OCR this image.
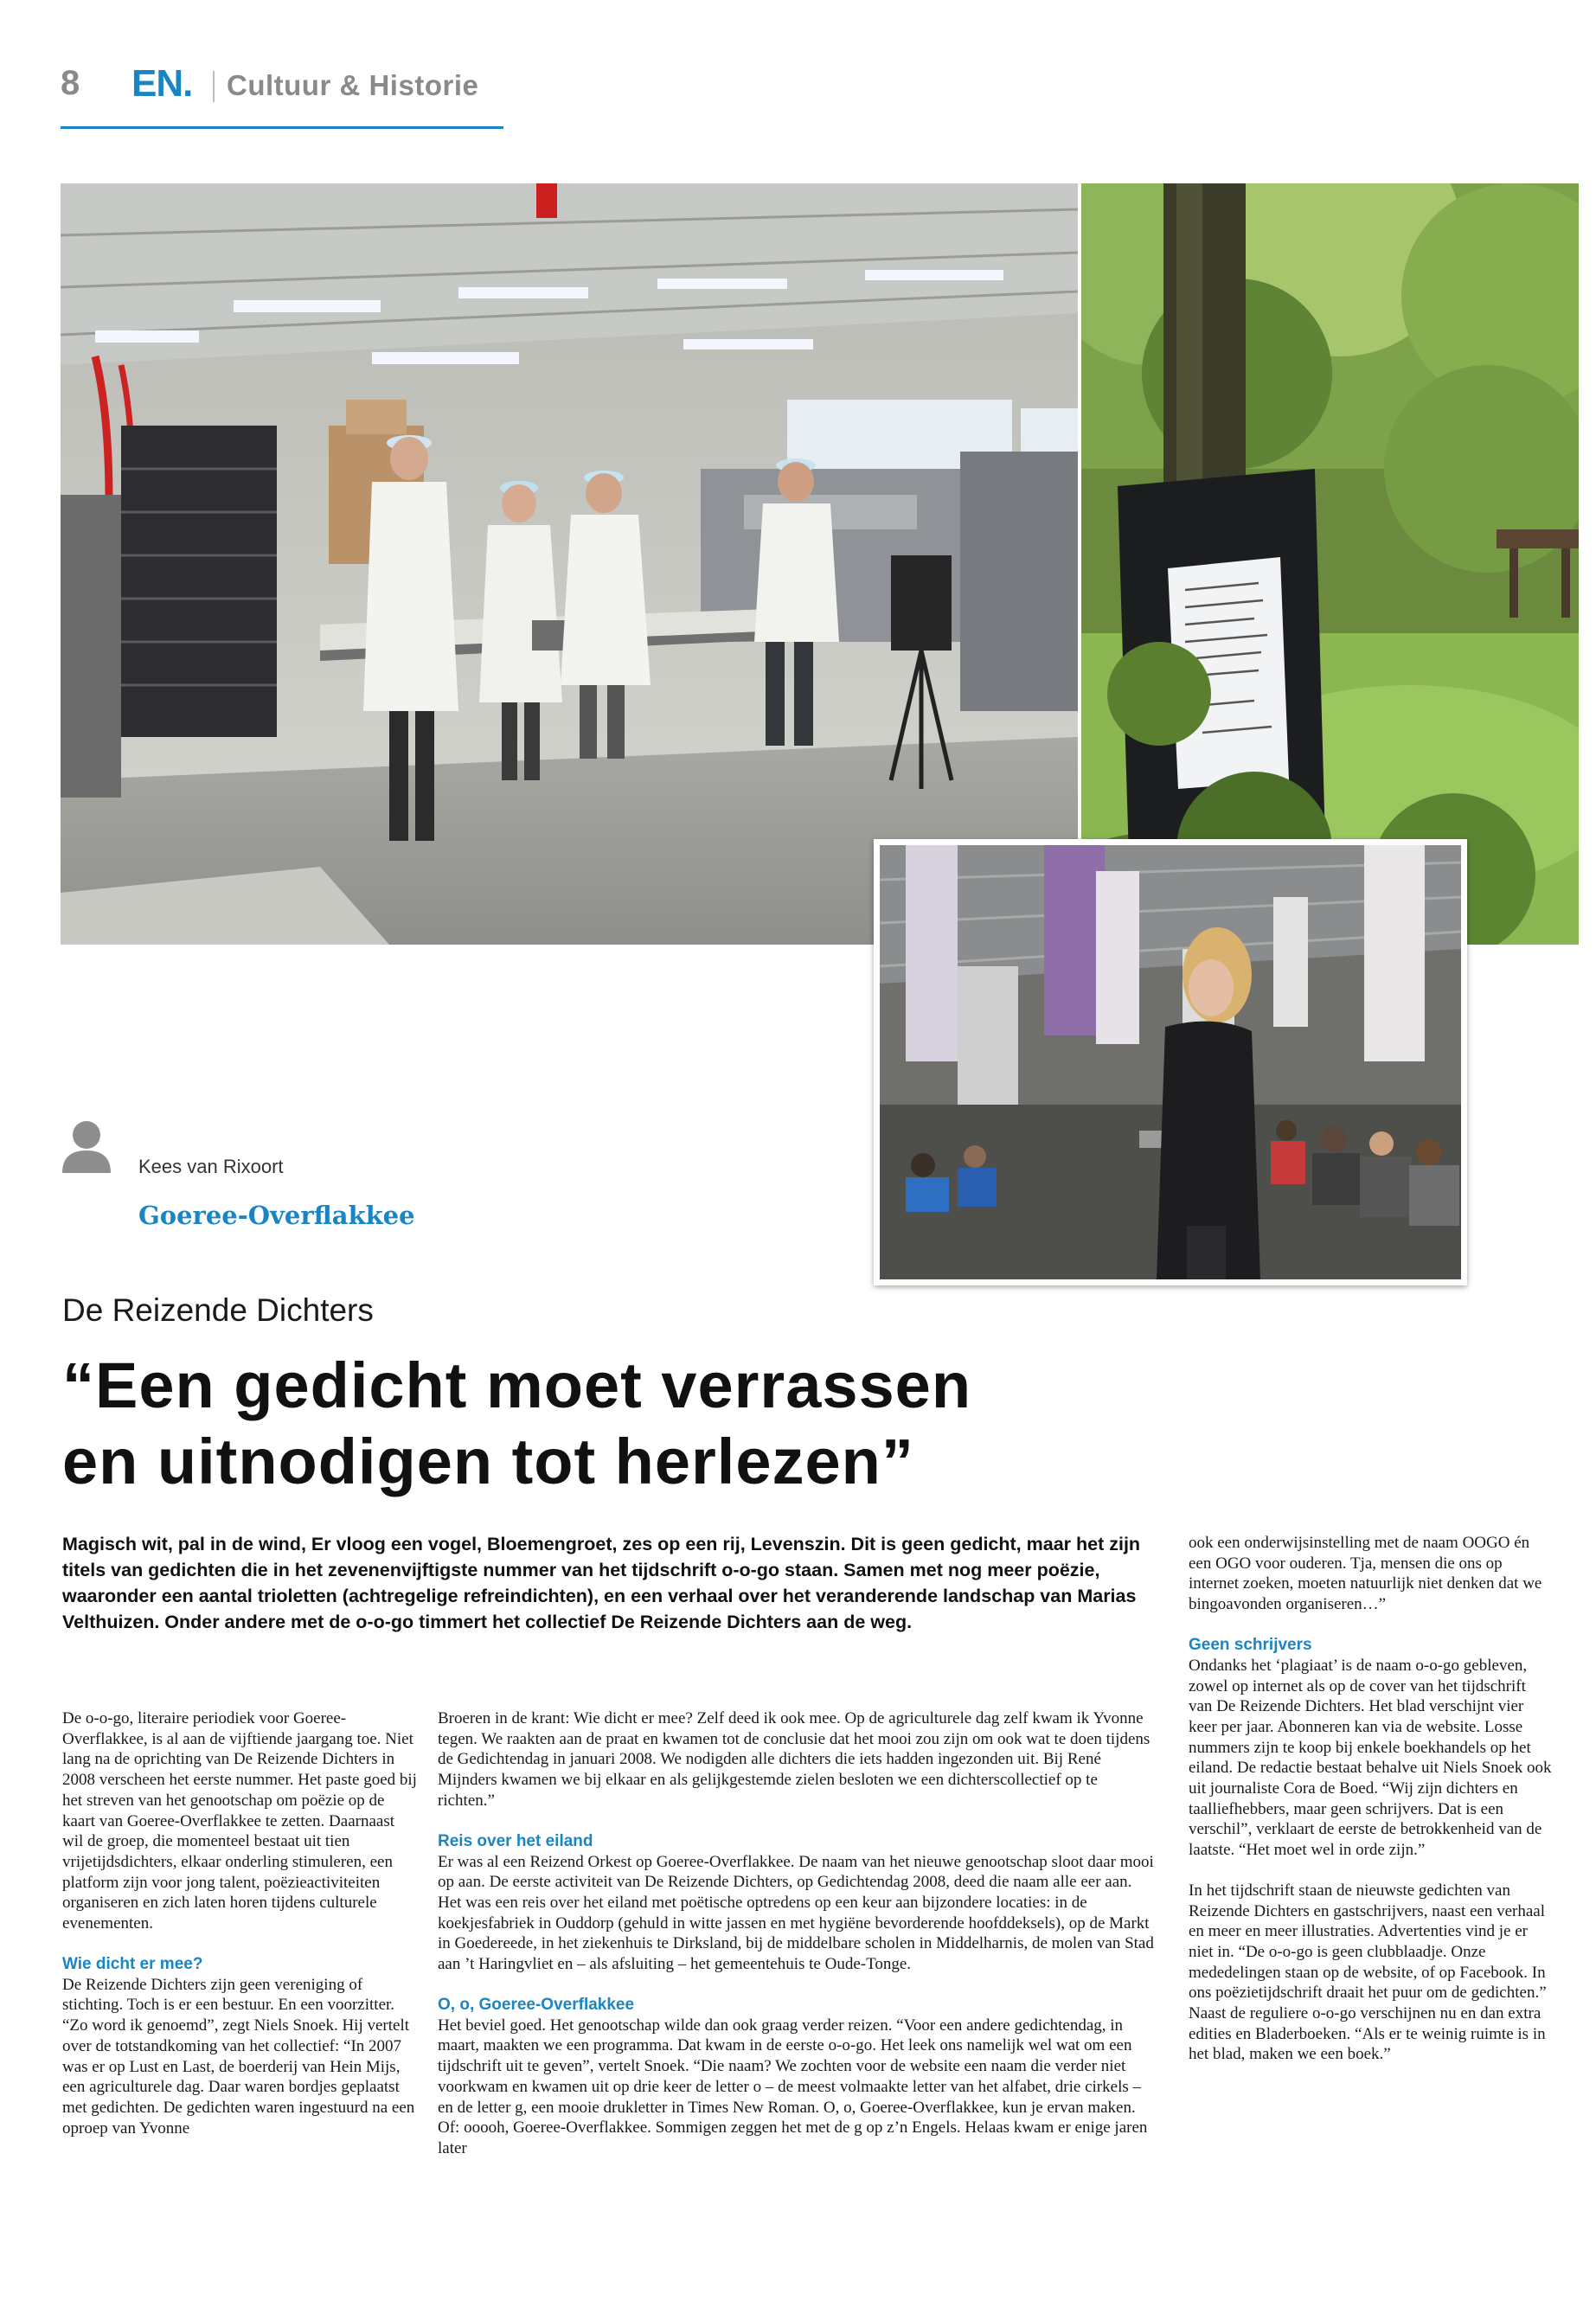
8 EN. Cultuur & Historie
Kees van Rixoort
Goeree-Overflakkee
De Reizende Dichters
“Een gedicht moet verrassen
en uitnodigen tot herlezen”
Magisch wit, pal in de wind, Er vloog een vogel, Bloemengroet, zes op een rij, Levenszin. Dit is geen gedicht, maar het zijn titels van gedichten die in het zevenenvijftigste nummer van het tijdschrift o-o-go staan. Samen met nog meer poëzie, waaronder een aantal trioletten (achtregelige refreindichten), en een verhaal over het veranderende landschap van Marias Velthuizen. Onder andere met de o-o-go timmert het collectief De Reizende Dichters aan de weg.

De o-o-go, literaire periodiek voor Goeree-Overflakkee, is al aan de vijftiende jaargang toe. Niet lang na de oprichting van De Reizende Dichters in 2008 verscheen het eerste nummer. Het paste goed bij het streven van het genootschap om poëzie op de kaart van Goeree-Overflakkee te zetten. Daarnaast wil de groep, die momenteel bestaat uit tien vrijetijdsdichters, elkaar onderling stimuleren, een platform zijn voor jong talent, poëzieactiviteiten organiseren en zich laten horen tijdens culturele evenementen.

Wie dicht er mee?

De Reizende Dichters zijn geen vereniging of stichting. Toch is er een bestuur. En een voorzitter. “Zo word ik genoemd”, zegt Niels Snoek. Hij vertelt over de totstandkoming van het collectief: “In 2007 was er op Lust en Last, de boerderij van Hein Mijs, een agriculturele dag. Daar waren bordjes geplaatst met gedichten. De gedichten waren ingestuurd na een oproep van Yvonne

Broeren in de krant: Wie dicht er mee? Zelf deed ik ook mee. Op de agriculturele dag zelf kwam ik Yvonne tegen. We raakten aan de praat en kwamen tot de conclusie dat het mooi zou zijn om ook wat te doen tijdens de Gedichtendag in januari 2008. We nodigden alle dichters die iets hadden ingezonden uit. Bij René Mijnders kwamen we bij elkaar en als gelijkgestemde zielen besloten we een dichterscollectief op te richten.”

Reis over het eiland

Er was al een Reizend Orkest op Goeree-Overflakkee. De naam van het nieuwe genootschap sloot daar mooi op aan. De eerste activiteit van De Reizende Dichters, op Gedichtendag 2008, deed die naam alle eer aan. Het was een reis over het eiland met poëtische optredens op een keur aan bijzondere locaties: in de koekjesfabriek in Ouddorp (gehuld in witte jassen en met hygiëne bevorderende hoofddeksels), op de Markt in Goedereede, in het ziekenhuis te Dirksland, bij de middelbare scholen in Middelharnis, de molen van Stad aan ’t Haringvliet en – als afsluiting – het gemeentehuis te Oude-Tonge.

O, o, Goeree-Overflakkee

Het beviel goed. Het genootschap wilde dan ook graag verder reizen. “Voor een andere gedichtendag, in maart, maakten we een programma. Dat kwam in de eerste o-o-go. Het leek ons namelijk wel wat om een tijdschrift uit te geven”, vertelt Snoek. “Die naam? We zochten voor de website een naam die verder niet voorkwam en kwamen uit op drie keer de letter o – de meest volmaakte letter van het alfabet, drie cirkels – en de letter g, een mooie drukletter in Times New Roman. O, o, Goeree-Overflakkee, kun je ervan maken. Of: ooooh, Goeree-Overflakkee. Sommigen zeggen het met de g op z’n Engels. Helaas kwam er enige jaren later

ook een onderwijsinstelling met de naam OOGO én een OGO voor ouderen. Tja, mensen die ons op internet zoeken, moeten natuurlijk niet denken dat we bingoavonden organiseren…”

Geen schrijvers

Ondanks het ‘plagiaat’ is de naam o-o-go gebleven, zowel op internet als op de cover van het tijdschrift van De Reizende Dichters. Het blad verschijnt vier keer per jaar. Abonneren kan via de website. Losse nummers zijn te koop bij enkele boekhandels op het eiland. De redactie bestaat behalve uit Niels Snoek ook uit journaliste Cora de Boed. “Wij zijn dichters en taalliefhebbers, maar geen schrijvers. Dat is een verschil”, verklaart de eerste de betrokkenheid van de laatste. “Het moet wel in orde zijn.”

In het tijdschrift staan de nieuwste gedichten van Reizende Dichters en gastschrijvers, naast een verhaal en meer en meer illustraties. Advertenties vind je er niet in. “De o-o-go is geen clubblaadje. Onze mededelingen staan op de website, of op Facebook. In ons poëzietijdschrift draait het puur om de gedichten.” Naast de reguliere o-o-go verschijnen nu en dan extra edities en Bladerboeken. “Als er te weinig ruimte is in het blad, maken we een boek.”
